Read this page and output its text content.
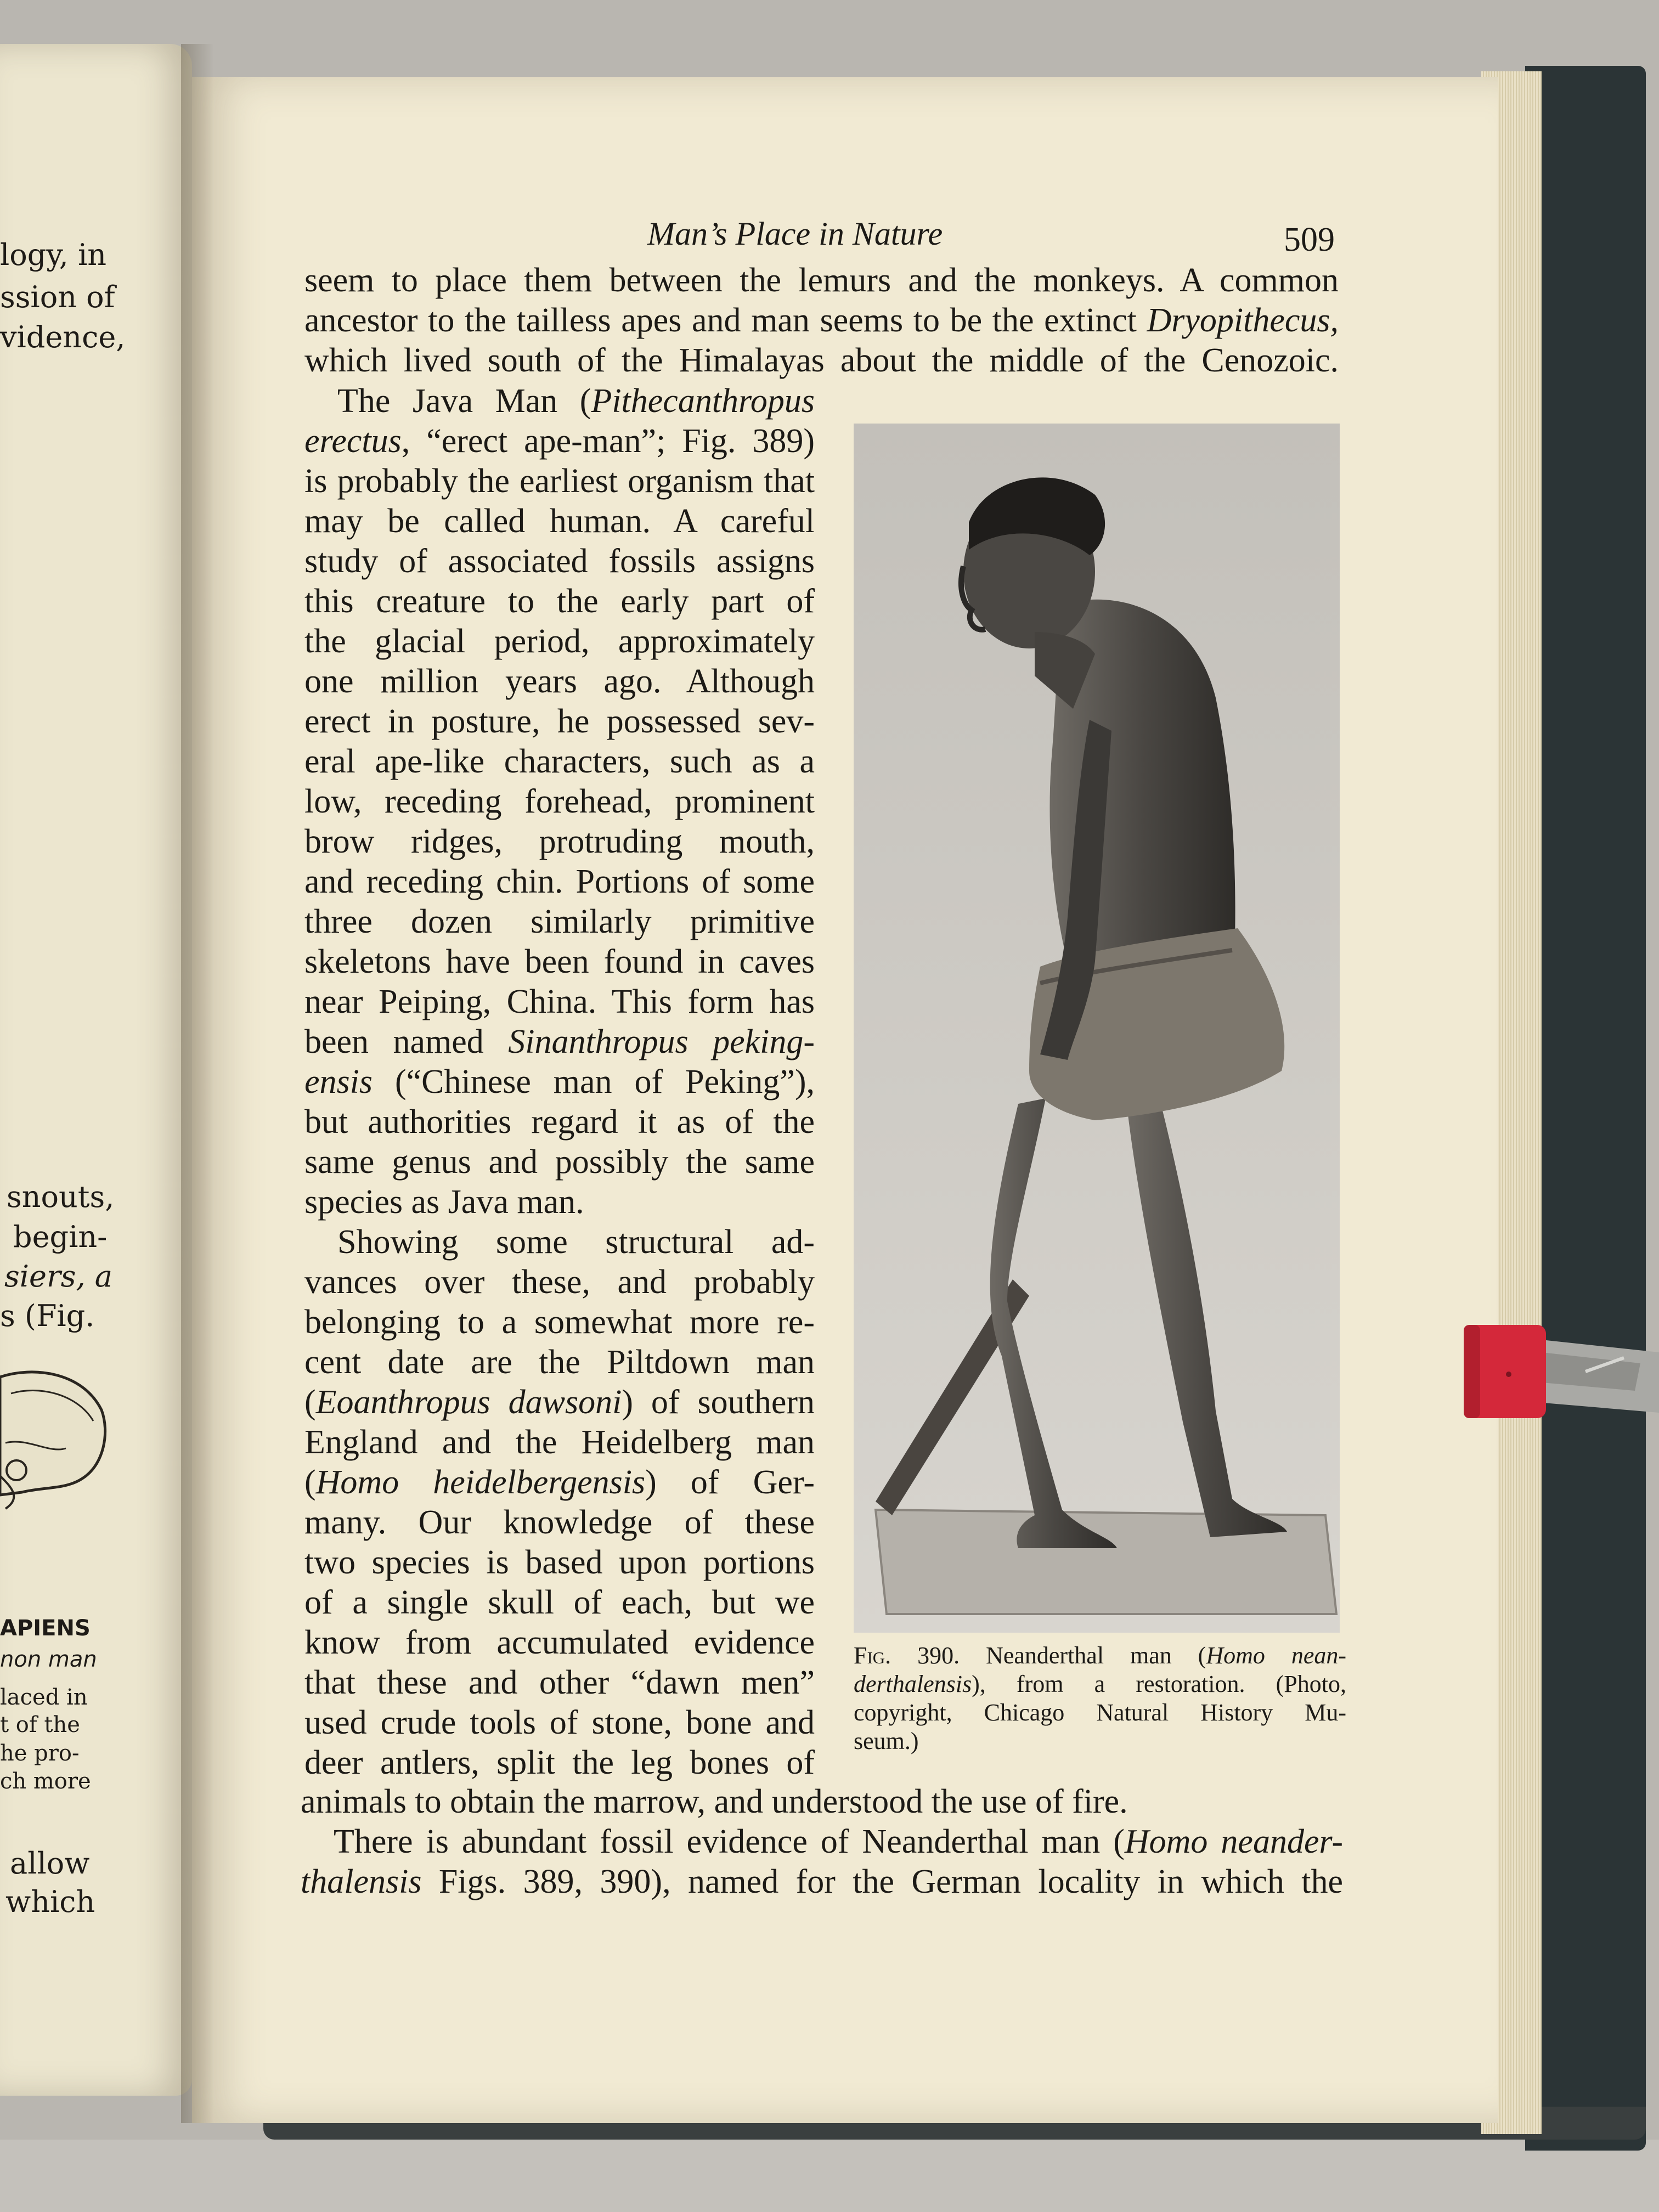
logy, in
ssion of
vidence,
snouts,
begin-
siers, a
s (Fig.
APIENS
non man
laced in
t of the
he pro-
ch more
allow
which
Man’s Place in Nature	509
seem to place them between the lemurs and the monkeys. A common
ancestor to the tailless apes and man seems to be the extinct Dryopithecus,
which lived south of the Himalayas about the middle of the Cenozoic.
The Java Man (Pithecanthropus
erectus, “erect ape-man”; Fig. 389)
is probably the earliest organism that
may be called human. A careful
study of associated fossils assigns
this creature to the early part of
the glacial period, approximately
one million years ago. Although
erect in posture, he possessed sev-
eral ape-like characters, such as a
low, receding forehead, prominent
brow ridges, protruding mouth,
and receding chin. Portions of some
three dozen similarly primitive
skeletons have been found in caves
near Peiping, China. This form has
been named Sinanthropus peking-
ensis (“Chinese man of Peking”),
but authorities regard it as of the
same genus and possibly the same
species as Java man.
Showing some structural ad-
vances over these, and probably
belonging to a somewhat more re-
cent date are the Piltdown man
(Eoanthropus dawsoni) of southern
England and the Heidelberg man
(Homo heidelbergensis) of Ger-
many. Our knowledge of these
two species is based upon portions
of a single skull of each, but we
know from accumulated evidence
that these and other “dawn men”
used crude tools of stone, bone and
deer antlers, split the leg bones of
animals to obtain the marrow, and understood the use of fire.
There is abundant fossil evidence of Neanderthal man (Homo neander-
thalensis Figs. 389, 390), named for the German locality in which the
Fig. 390. Neanderthal man (Homo nean-
derthalensis), from a restoration. (Photo,
copyright, Chicago Natural History Mu-
seum.)
